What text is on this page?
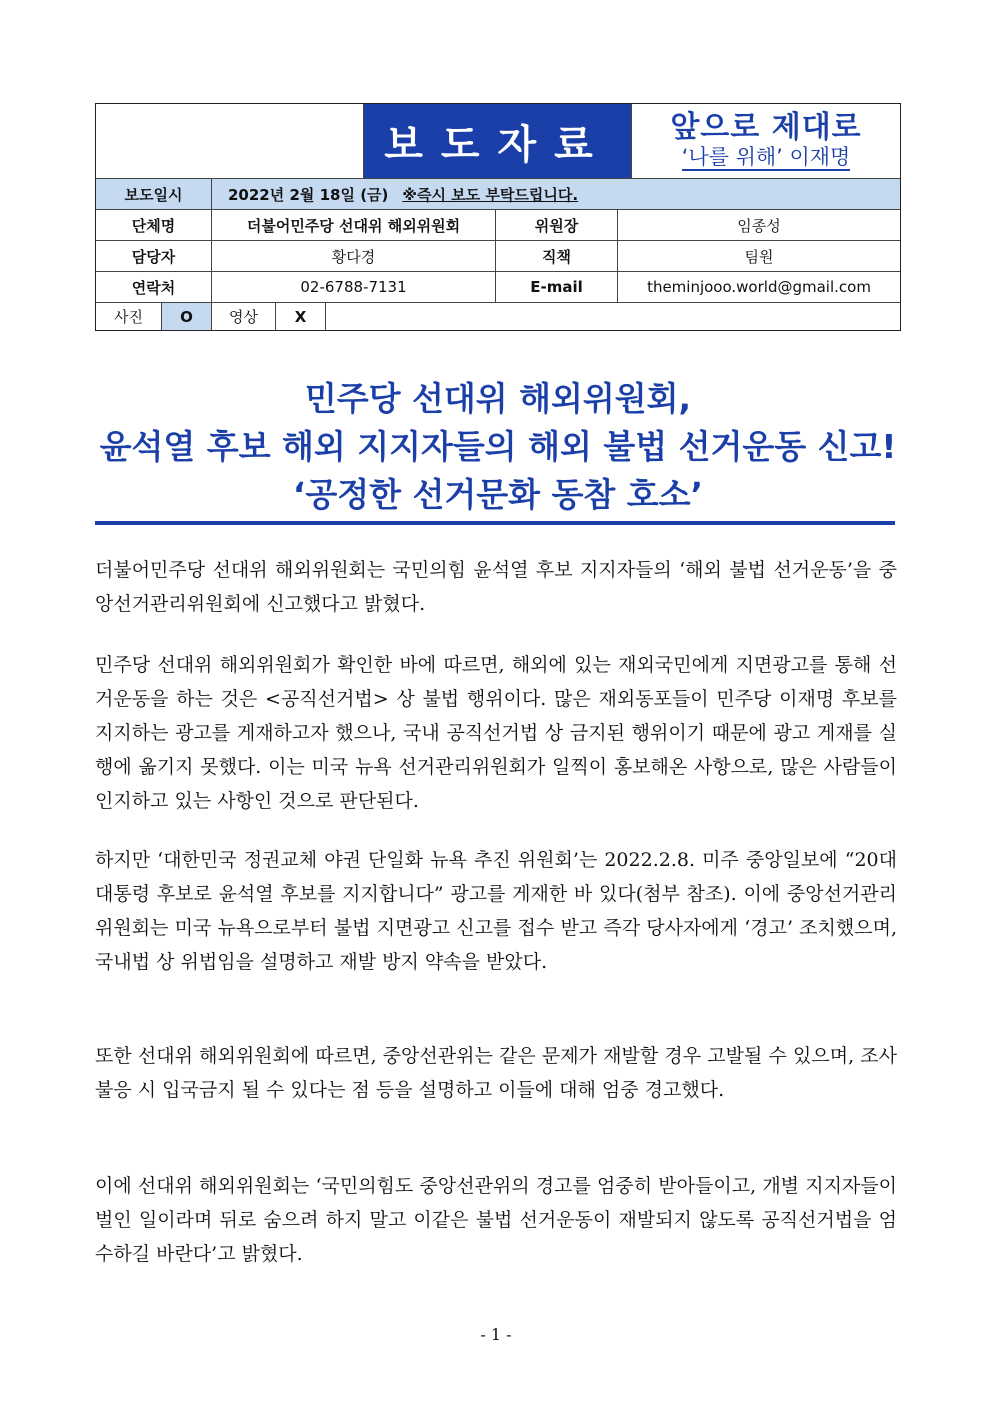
보도자료	앞으로 제대로
‘나를 위해’ 이재명
보도일시	2022년 2월 18일 (금) ※즉시 보도 부탁드립니다.
단체명	더불어민주당 선대위 해외위원회	위원장	임종성
담당자	황다경	직책	팀원
연락처	02-6788-7131	E-mail	theminjooo.world@gmail.com
사진	O	영상	X
민주당 선대위 해외위원회,
윤석열 후보 해외 지지자들의 해외 불법 선거운동 신고!
‘공정한 선거문화 동참 호소’

더불어민주당 선대위 해외위원회는 국민의힘 윤석열 후보 지지자들의 ‘해외 불법 선거운동’을 중앙선거관리위원회에 신고했다고 밝혔다.

민주당 선대위 해외위원회가 확인한 바에 따르면, 해외에 있는 재외국민에게 지면광고를 통해 선거운동을 하는 것은 <공직선거법> 상 불법 행위이다. 많은 재외동포들이 민주당 이재명 후보를 지지하는 광고를 게재하고자 했으나, 국내 공직선거법 상 금지된 행위이기 때문에 광고 게재를 실행에 옮기지 못했다. 이는 미국 뉴욕 선거관리위원회가 일찍이 홍보해온 사항으로, 많은 사람들이 인지하고 있는 사항인 것으로 판단된다.

하지만 ‘대한민국 정권교체 야권 단일화 뉴욕 추진 위원회’는 2022.2.8. 미주 중앙일보에 “20대 대통령 후보로 윤석열 후보를 지지합니다” 광고를 게재한 바 있다(첨부 참조). 이에 중앙선거관리위원회는 미국 뉴욕으로부터 불법 지면광고 신고를 접수 받고 즉각 당사자에게 ‘경고’ 조치했으며, 국내법 상 위법임을 설명하고 재발 방지 약속을 받았다.

또한 선대위 해외위원회에 따르면, 중앙선관위는 같은 문제가 재발할 경우 고발될 수 있으며, 조사 불응 시 입국금지 될 수 있다는 점 등을 설명하고 이들에 대해 엄중 경고했다.

이에 선대위 해외위원회는 ‘국민의힘도 중앙선관위의 경고를 엄중히 받아들이고, 개별 지지자들이 벌인 일이라며 뒤로 숨으려 하지 말고 이같은 불법 선거운동이 재발되지 않도록 공직선거법을 엄수하길 바란다’고 밝혔다.

- 1 -
